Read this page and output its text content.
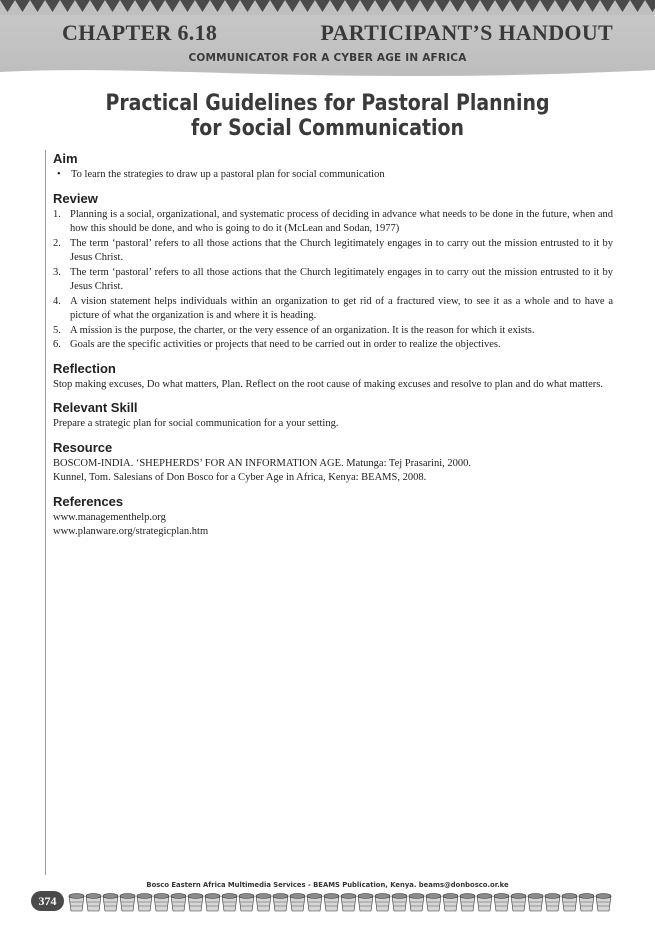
CHAPTER 6.18	PARTICIPANT’S HANDOUT
COMMUNICATOR FOR A CYBER AGE IN AFRICA
Practical Guidelines for Pastoral Planning
for Social Communication
Aim
• To learn the strategies to draw up a pastoral plan for social communication
Review
1. Planning is a social, organizational, and systematic process of deciding in advance what needs to be done in the future, when and how this should be done, and who is going to do it (McLean and Sodan, 1977)
2. The term ‘pastoral’ refers to all those actions that the Church legitimately engages in to carry out the mission entrusted to it by Jesus Christ.
3. The term ‘pastoral’ refers to all those actions that the Church legitimately engages in to carry out the mission entrusted to it by Jesus Christ.
4. A vision statement helps individuals within an organization to get rid of a fractured view, to see it as a whole and to have a picture of what the organization is and where it is heading.
5. A mission is the purpose, the charter, or the very essence of an organization. It is the reason for which it exists.
6. Goals are the specific activities or projects that need to be carried out in order to realize the objectives.
Reflection

Stop making excuses, Do what matters, Plan. Reflect on the root cause of making excuses and resolve to plan and do what matters.

Relevant Skill

Prepare a strategic plan for social communication for a your setting.

Resource

BOSCOM-INDIA. ‘SHEPHERDS’ FOR AN INFORMATION AGE. Matunga: Tej Prasarini, 2000.

Kunnel, Tom. Salesians of Don Bosco for a Cyber Age in Africa, Kenya: BEAMS, 2008.

References

www.managementhelp.org

www.planware.org/strategicplan.htm

Bosco Eastern Africa Multimedia Services - BEAMS Publication, Kenya. beams@donbosco.or.ke
374
